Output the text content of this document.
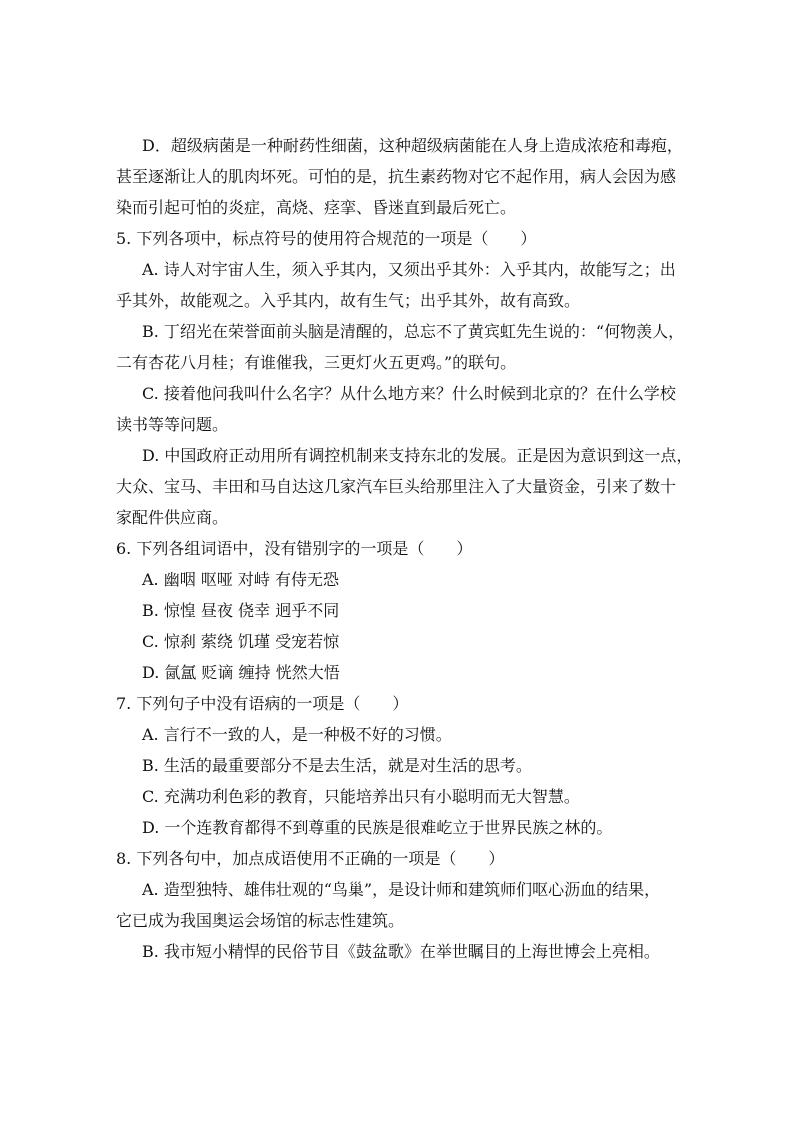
D．超级病菌是一种耐药性细菌，这种超级病菌能在人身上造成浓疮和毒疱，
甚至逐渐让人的肌肉坏死。可怕的是，抗生素药物对它不起作用，病人会因为感
染而引起可怕的炎症，高烧、痉挛、昏迷直到最后死亡。
5. 下列各项中，标点符号的使用符合规范的一项是（　　）
A. 诗人对宇宙人生，须入乎其内，又须出乎其外：入乎其内，故能写之；出
乎其外，故能观之。入乎其内，故有生气；出乎其外，故有高致。
B. 丁绍光在荣誉面前头脑是清醒的，总忘不了黄宾虹先生说的：“何物羡人，
二有杏花八月桂；有谁催我，三更灯火五更鸡。”的联句。
C. 接着他问我叫什么名字？从什么地方来？什么时候到北京的？在什么学校
读书等等问题。
D. 中国政府正动用所有调控机制来支持东北的发展。正是因为意识到这一点，
大众、宝马、丰田和马自达这几家汽车巨头给那里注入了大量资金，引来了数十
家配件供应商。
6. 下列各组词语中，没有错别字的一项是（　　）
A. 幽咽 呕哑 对峙 有侍无恐
B. 惊惶 昼夜 侥幸 迥乎不同
C. 惊刹 萦绕 饥瑾 受宠若惊
D. 氤氲 贬谪 缠持 恍然大悟
7. 下列句子中没有语病的一项是（　　）
A. 言行不一致的人，是一种极不好的习惯。
B. 生活的最重要部分不是去生活，就是对生活的思考。
C. 充满功利色彩的教育，只能培养出只有小聪明而无大智慧。
D. 一个连教育都得不到尊重的民族是很难屹立于世界民族之林的。
8. 下列各句中，加点成语使用不正确的一项是（　　）
A. 造型独特、雄伟壮观的“鸟巢”，是设计师和建筑师们呕心沥血的结果，
它已成为我国奥运会场馆的标志性建筑。
B. 我市短小精悍的民俗节目《鼓盆歌》在举世瞩目的上海世博会上亮相。
